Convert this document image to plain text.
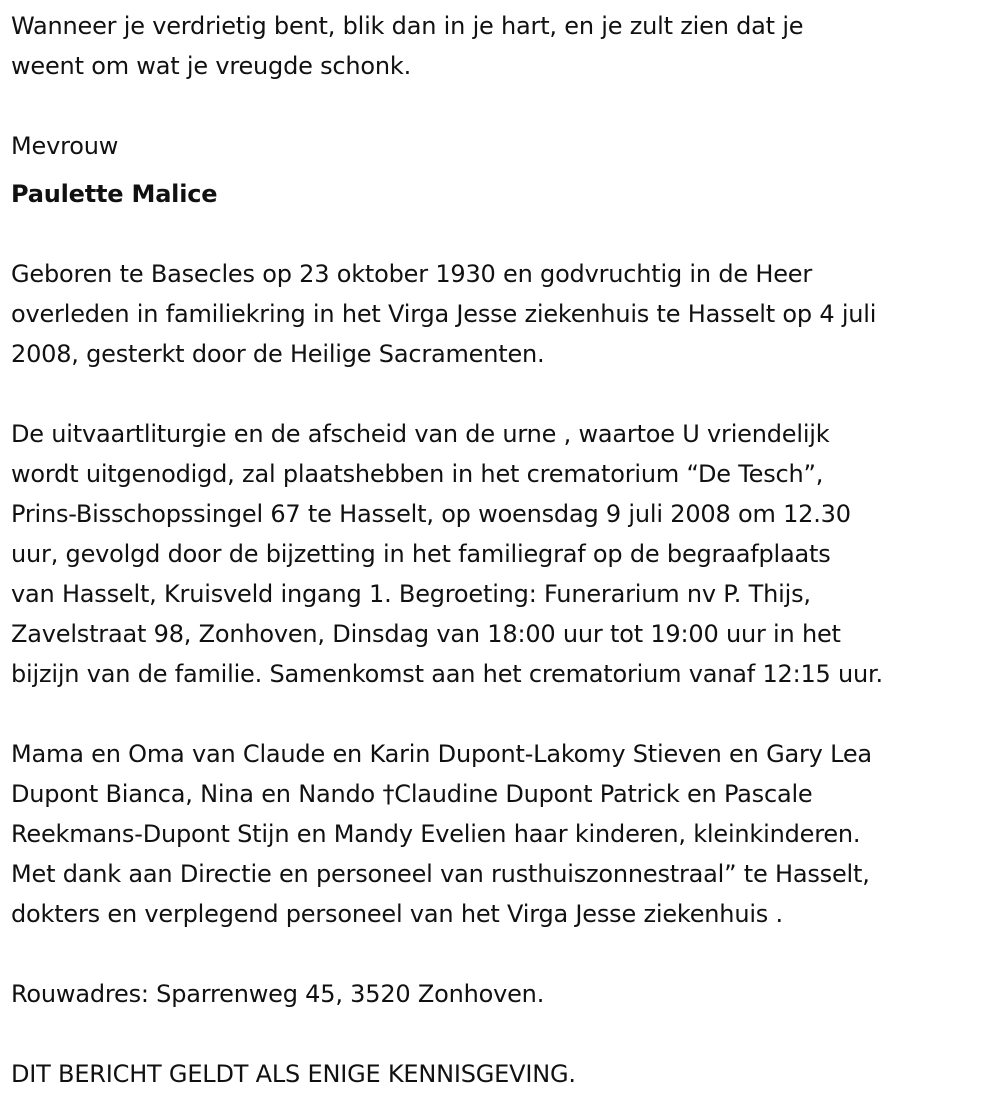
Wanneer je verdrietig bent, blik dan in je hart, en je zult zien dat je
weent om wat je vreugde schonk.

Mevrouw

Paulette Malice

Geboren te Basecles op 23 oktober 1930 en godvruchtig in de Heer
overleden in familiekring in het Virga Jesse ziekenhuis te Hasselt op 4 juli
2008, gesterkt door de Heilige Sacramenten.

De uitvaartliturgie en de afscheid van de urne , waartoe U vriendelijk
wordt uitgenodigd, zal plaatshebben in het crematorium “De Tesch”,
Prins-Bisschopssingel 67 te Hasselt, op woensdag 9 juli 2008 om 12.30
uur, gevolgd door de bijzetting in het familiegraf op de begraafplaats
van Hasselt, Kruisveld ingang 1. Begroeting: Funerarium nv P. Thijs,
Zavelstraat 98, Zonhoven, Dinsdag van 18:00 uur tot 19:00 uur in het
bijzijn van de familie. Samenkomst aan het crematorium vanaf 12:15 uur.

Mama en Oma van Claude en Karin Dupont-Lakomy Stieven en Gary Lea
Dupont Bianca, Nina en Nando †Claudine Dupont Patrick en Pascale
Reekmans-Dupont Stijn en Mandy Evelien haar kinderen, kleinkinderen.
Met dank aan Directie en personeel van rusthuiszonnestraal” te Hasselt,
dokters en verplegend personeel van het Virga Jesse ziekenhuis .

Rouwadres: Sparrenweg 45, 3520 Zonhoven.

DIT BERICHT GELDT ALS ENIGE KENNISGEVING.
